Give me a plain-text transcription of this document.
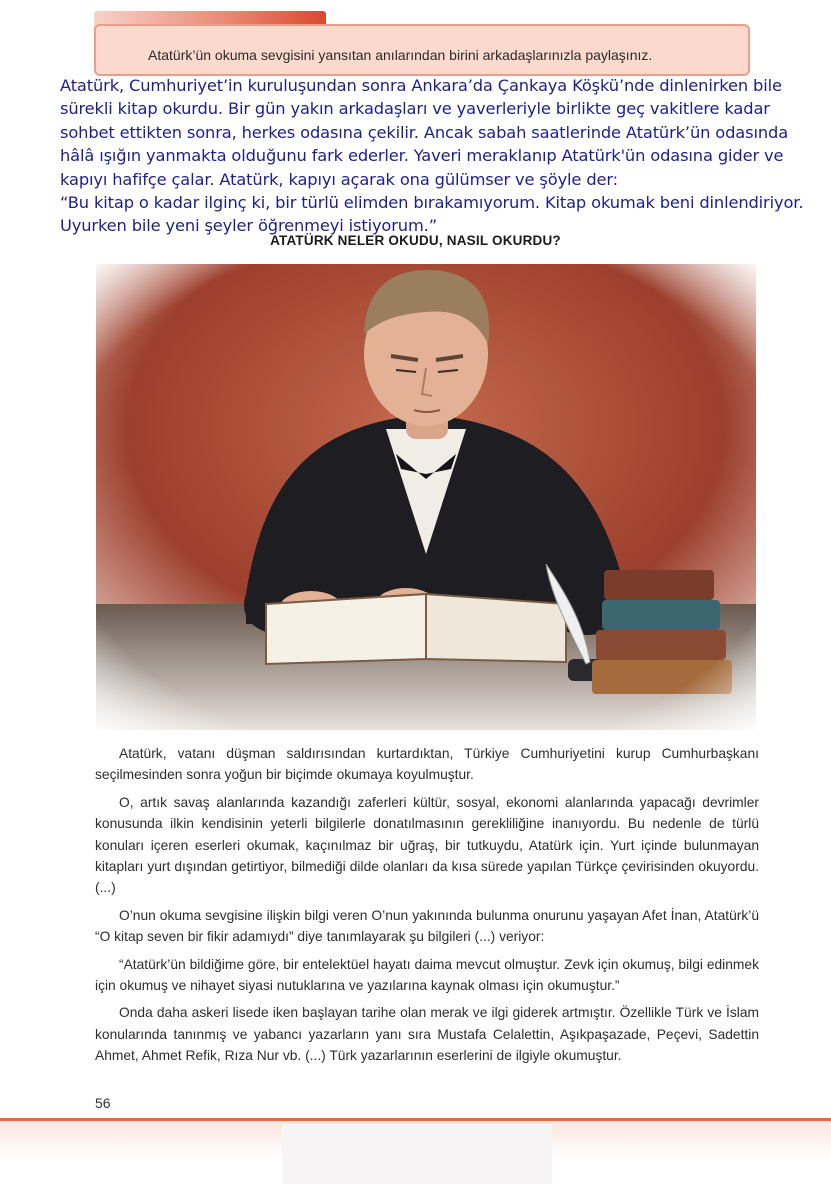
Atatürk’ün okuma sevgisini yansıtan anılarından birini arkadaşlarınızla paylaşınız.

Atatürk, Cumhuriyet’in kuruluşundan sonra Ankara’da Çankaya Köşkü’nde dinlenirken bile sürekli kitap okurdu. Bir gün yakın arkadaşları ve yaverleriyle birlikte geç vakitlere kadar sohbet ettikten sonra, herkes odasına çekilir. Ancak sabah saatlerinde Atatürk’ün odasında hâlâ ışığın yanmakta olduğunu fark ederler. Yaveri meraklanıp Atatürk'ün odasına gider ve kapıyı hafifçe çalar. Atatürk, kapıyı açarak ona gülümser ve şöyle der:

“Bu kitap o kadar ilginç ki, bir türlü elimden bırakamıyorum. Kitap okumak beni dinlendiriyor. Uyurken bile yeni şeyler öğrenmeyi istiyorum.”

ATATÜRK NELER OKUDU, NASIL OKURDU?

Atatürk, vatanı düşman saldırısından kurtardıktan, Türkiye Cumhuriyetini kurup Cumhurbaşkanı seçilmesinden sonra yoğun bir biçimde okumaya koyulmuştur.

O, artık savaş alanlarında kazandığı zaferleri kültür, sosyal, ekonomi alanlarında yapacağı devrimler konusunda ilkin kendisinin yeterli bilgilerle donatılmasının gerekliliğine inanıyordu. Bu nedenle de türlü konuları içeren eserleri okumak, kaçınılmaz bir uğraş, bir tutkuydu, Atatürk için. Yurt içinde bulunmayan kitapları yurt dışından getirtiyor, bilmediği dilde olanları da kısa sürede yapılan Türkçe çevirisinden okuyordu. (...)

O’nun okuma sevgisine ilişkin bilgi veren O’nun yakınında bulunma onurunu yaşayan Afet İnan, Atatürk’ü “O kitap seven bir fikir adamıydı” diye tanımlayarak şu bilgileri (...) veriyor:

“Atatürk’ün bildiğime göre, bir entelektüel hayatı daima mevcut olmuştur. Zevk için okumuş, bilgi edinmek için okumuş ve nihayet siyasi nutuklarına ve yazılarına kaynak olması için okumuştur.”

Onda daha askeri lisede iken başlayan tarihe olan merak ve ilgi giderek artmıştır. Özellikle Türk ve İslam konularında tanınmış ve yabancı yazarların yanı sıra Mustafa Celalettin, Aşıkpaşazade, Peçevi, Sadettin Ahmet, Ahmet Refik, Rıza Nur vb. (...) Türk yazarlarının eserlerini de ilgiyle okumuştur.

56
